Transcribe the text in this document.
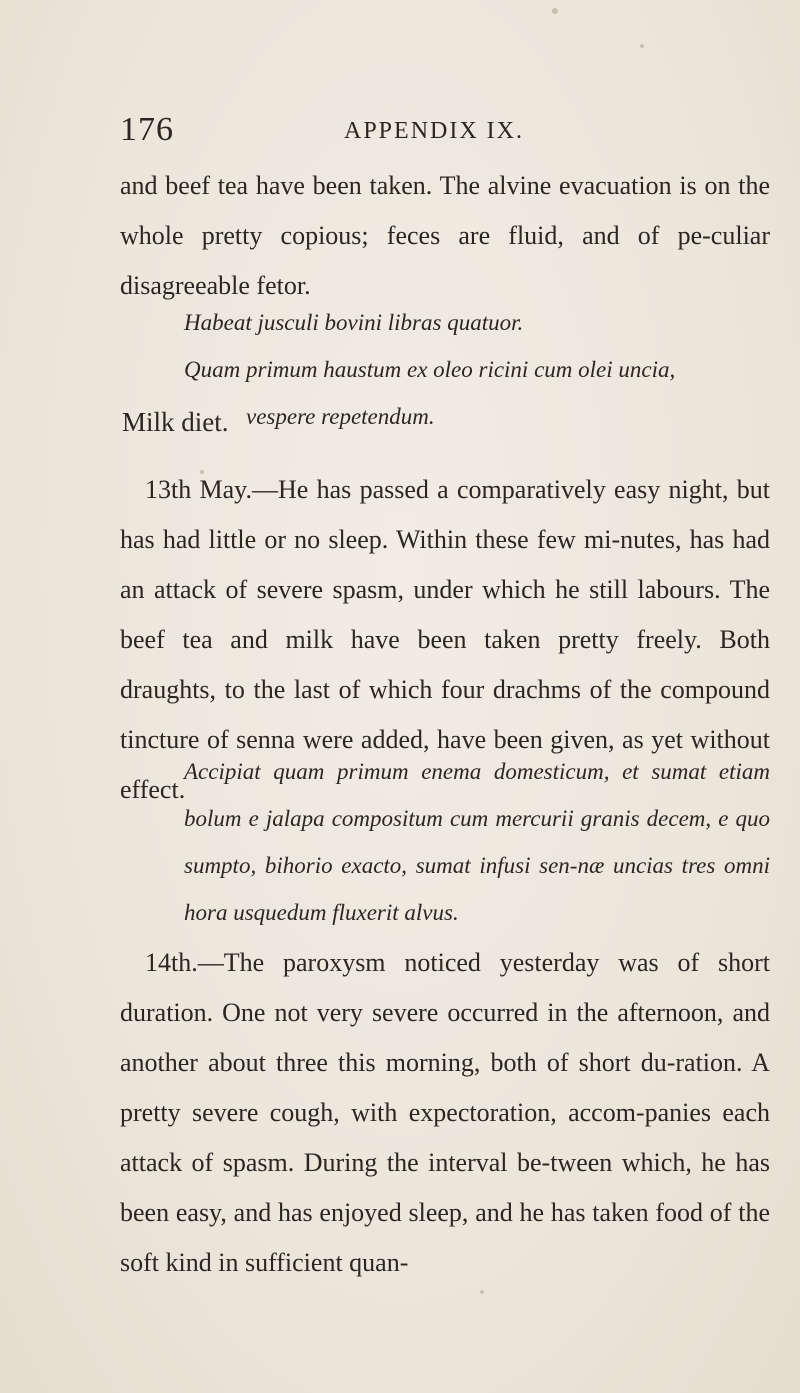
176	APPENDIX IX.

and beef tea have been taken. The alvine evacuation is on the whole pretty copious; feces are fluid, and of pe-culiar disagreeable fetor.

Habeat jusculi bovini libras quatuor.
Quam primum haustum ex oleo ricini cum olei uncia,
vespere repetendum.

Milk diet.

13th May.—He has passed a comparatively easy night, but has had little or no sleep. Within these few mi-nutes, has had an attack of severe spasm, under which he still labours. The beef tea and milk have been taken pretty freely. Both draughts, to the last of which four drachms of the compound tincture of senna were added, have been given, as yet without effect.

Accipiat quam primum enema domesticum, et sumat etiam bolum e jalapa compositum cum mercurii granis decem, e quo sumpto, bihorio exacto, sumat infusi sen-næ uncias tres omni hora usquedum fluxerit alvus.

14th.—The paroxysm noticed yesterday was of short duration. One not very severe occurred in the afternoon, and another about three this morning, both of short du-ration. A pretty severe cough, with expectoration, accom-panies each attack of spasm. During the interval be-tween which, he has been easy, and has enjoyed sleep, and he has taken food of the soft kind in sufficient quan-
